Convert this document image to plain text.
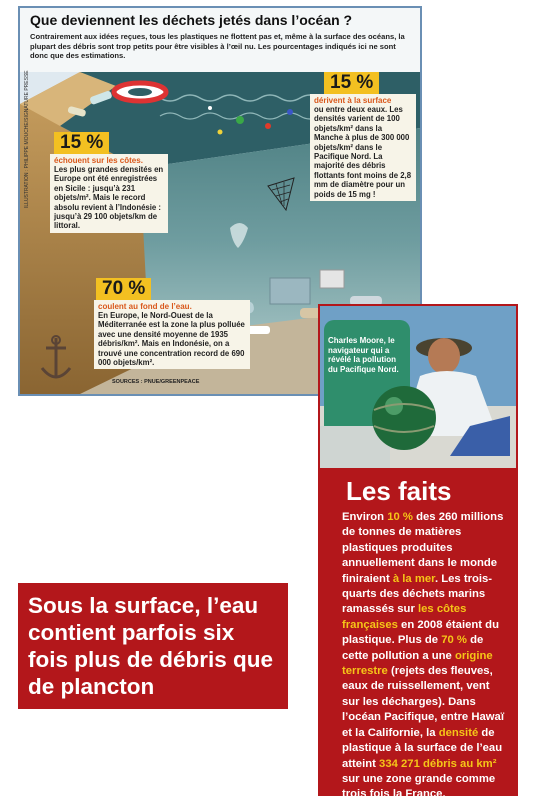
Que deviennent les déchets jetés dans l’océan ?
Contrairement aux idées reçues, tous les plastiques ne flottent pas et, même à la surface des océans, la plupart des débris sont trop petits pour être visibles à l’œil nu. Les pourcentages indiqués ici ne sont donc que des estimations.
15 %
dérivent à la surface
ou entre deux eaux. Les densités varient de 100 objets/km² dans la Manche à plus de 300 000 objets/km² dans le Pacifique Nord. La majorité des débris flottants font moins de 2,8 mm de diamètre pour un poids de 15 mg !
15 %
échouent sur les côtes.
Les plus grandes densités en Europe ont été enregistrées en Sicile : jusqu’à 231 objets/m². Mais le record absolu revient à l’Indonésie : jusqu’à 29 100 objets/km de littoral.
70 %
coulent au fond de l’eau.
En Europe, le Nord-Ouest de la Méditerranée est la zone la plus polluée avec une densité moyenne de 1935 débris/km². Mais en Indonésie, on a trouvé une concentration record de 690 000 objets/km².
ILLUSTRATION : PHILIPPE MOUCHE/SIGNATURE PRESSE
SOURCES : PNUE/GREENPEACE
Charles Moore, le navigateur qui a révélé la pollution du Pacifique Nord.
Les faits
Environ 10 % des 260 millions de tonnes de matières plastiques produites annuellement dans le monde finiraient à la mer. Les trois-quarts des déchets marins ramassés sur les côtes françaises en 2008 étaient du plastique. Plus de 70 % de cette pollution a une origine terrestre (rejets des fleuves, eaux de ruissellement, vent sur les décharges). Dans l’océan Pacifique, entre Hawaï et la Californie, la densité de plastique à la surface de l’eau atteint 334 271 débris au km² sur une zone grande comme trois fois la France.
Sous la surface, l’eau contient parfois six fois plus de débris que de plancton
